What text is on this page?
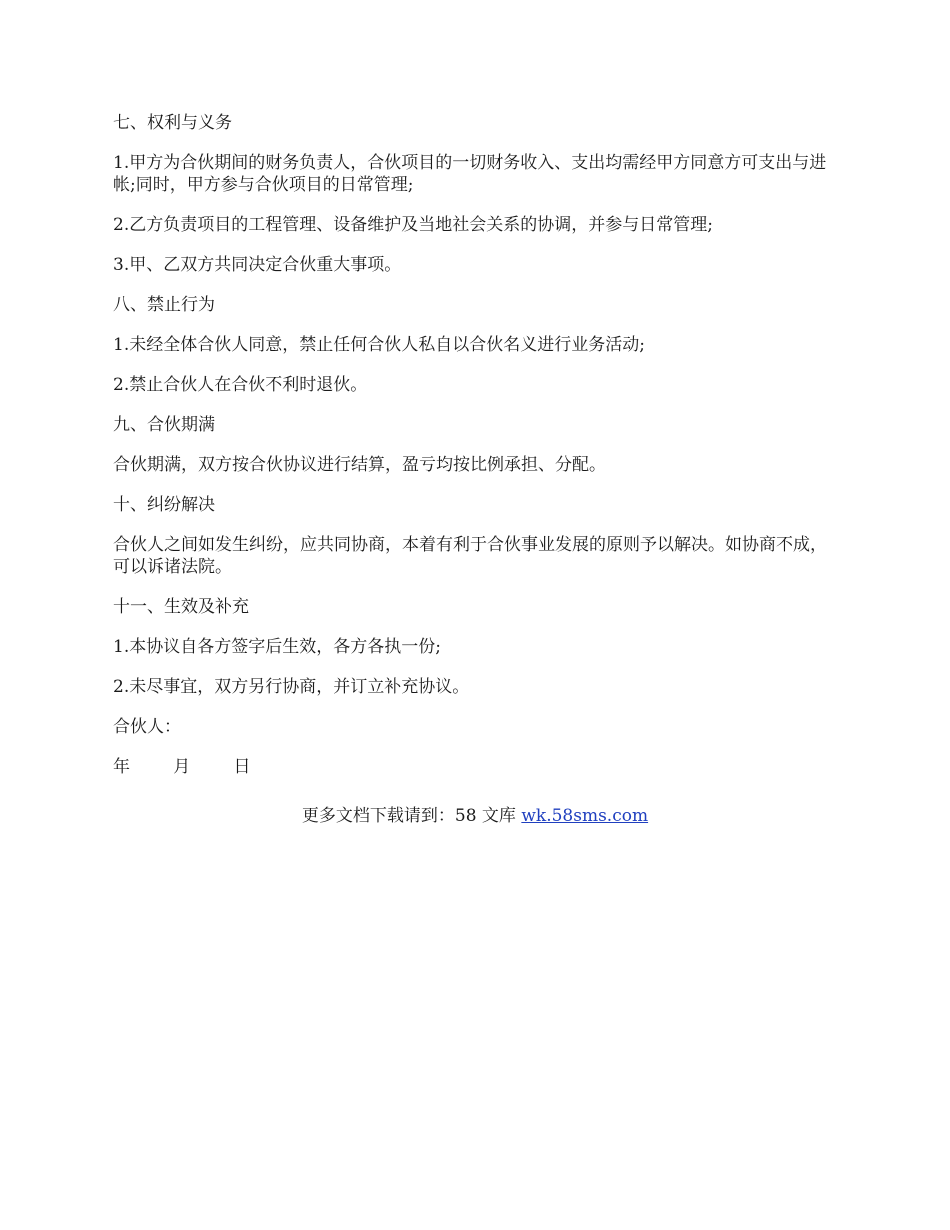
七、权利与义务

1.甲方为合伙期间的财务负责人，合伙项目的一切财务收入、支出均需经甲方同意方可支出与进帐;同时，甲方参与合伙项目的日常管理;

2.乙方负责项目的工程管理、设备维护及当地社会关系的协调，并参与日常管理;

3.甲、乙双方共同决定合伙重大事项。

八、禁止行为

1.未经全体合伙人同意，禁止任何合伙人私自以合伙名义进行业务活动;

2.禁止合伙人在合伙不利时退伙。

九、合伙期满

合伙期满，双方按合伙协议进行结算，盈亏均按比例承担、分配。

十、纠纷解决

合伙人之间如发生纠纷，应共同协商，本着有利于合伙事业发展的原则予以解决。如协商不成，可以诉诸法院。

十一、生效及补充

1.本协议自各方签字后生效，各方各执一份;

2.未尽事宜，双方另行协商，并订立补充协议。

合伙人：

年        月        日

更多文档下载请到：58 文库 wk.58sms.com
